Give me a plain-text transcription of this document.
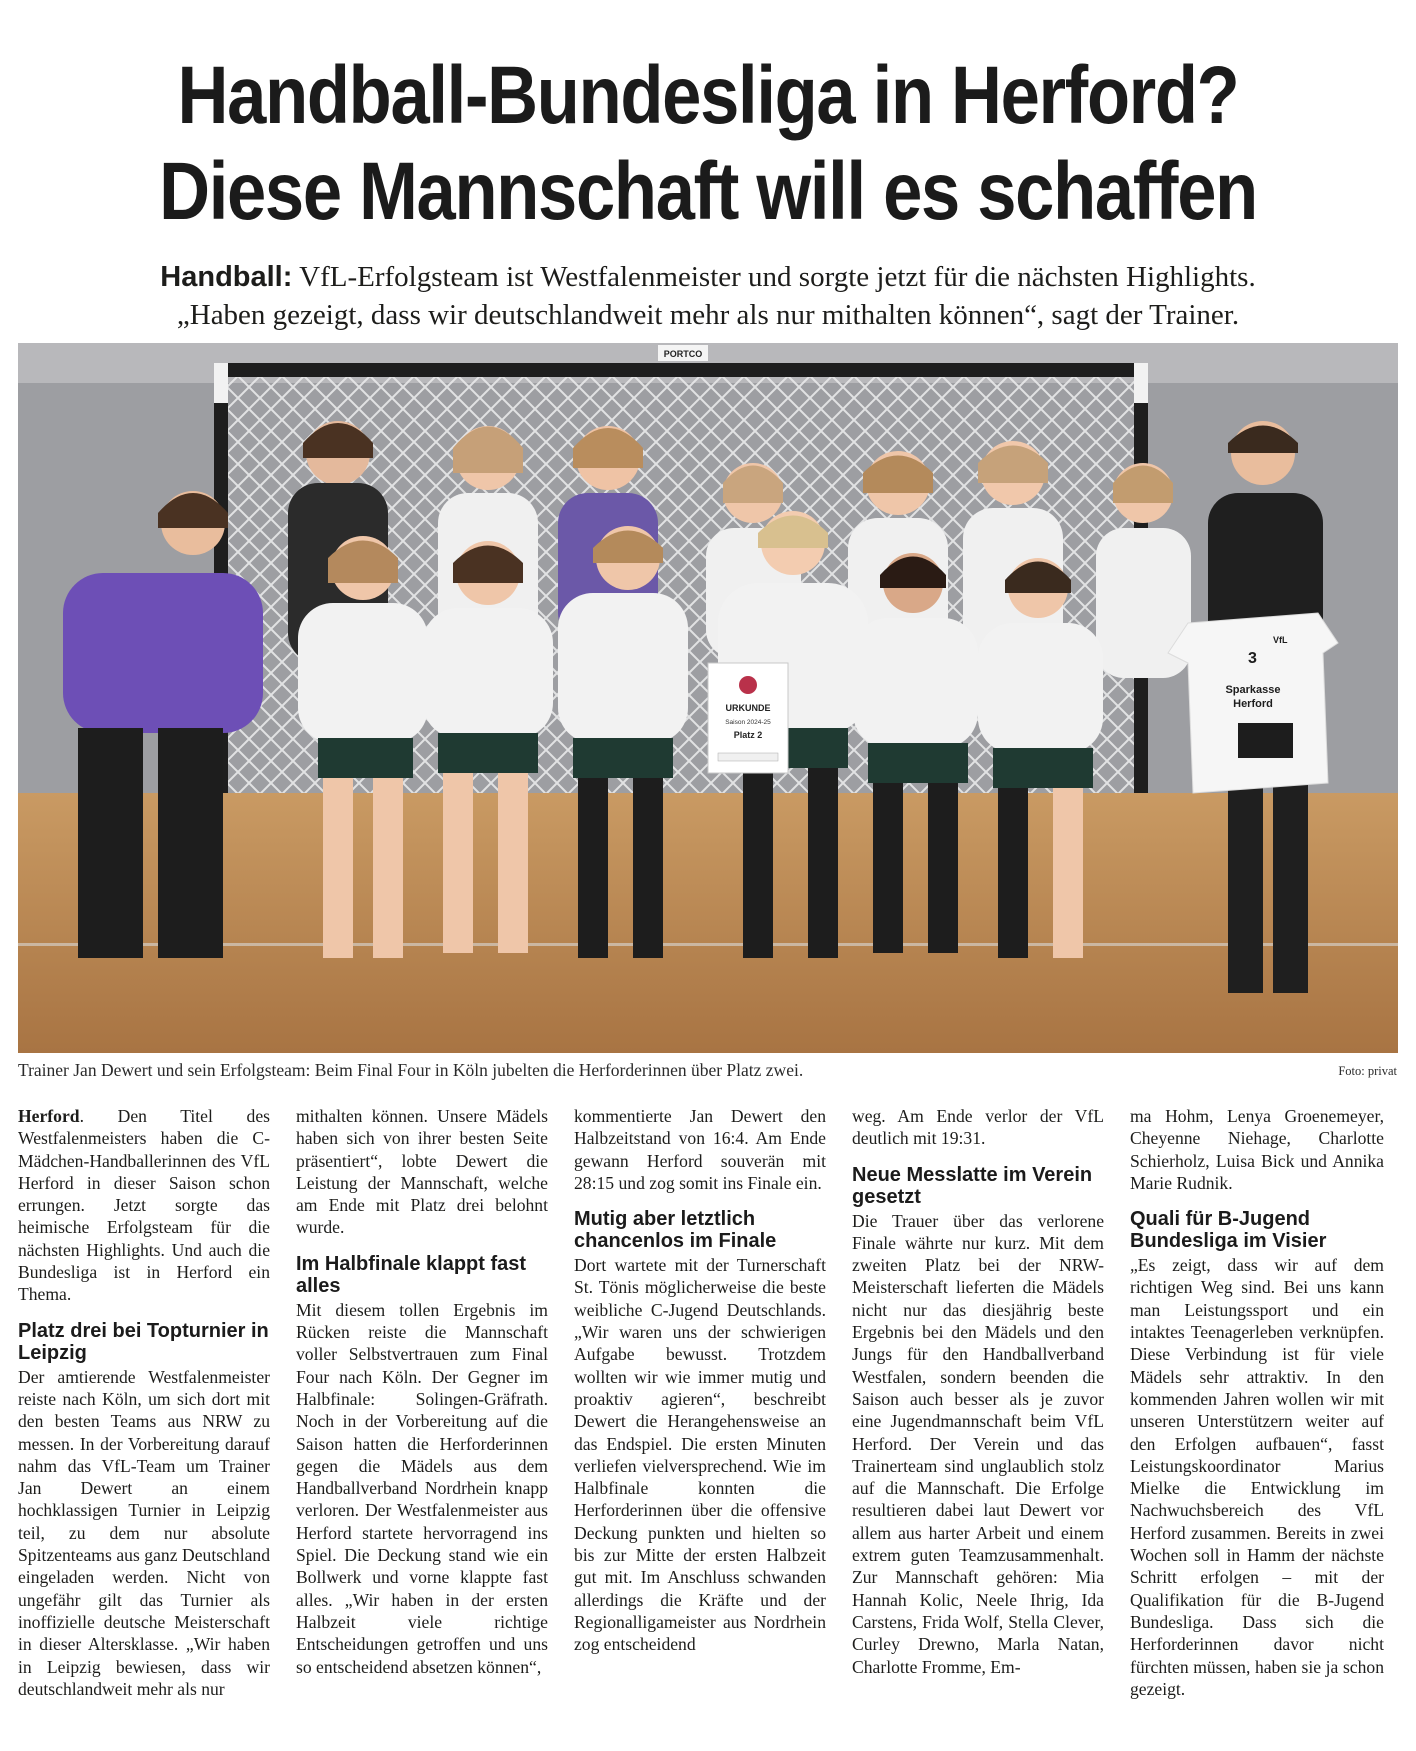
Handball-Bundesliga in Herford?
Diese Mannschaft will es schaffen
Handball: VfL-Erfolgsteam ist Westfalenmeister und sorgte jetzt für die nächsten Highlights.
„Haben gezeigt, dass wir deutschlandweit mehr als nur mithalten können“, sagt der Trainer.
PORTCO
URKUNDE
Saison 2024-25
Platz 2
3
VfL
Sparkasse
Herford
Trainer Jan Dewert und sein Erfolgsteam: Beim Final Four in Köln jubelten die Herforderinnen über Platz zwei.	Foto: privat

Herford. Den Titel des Westfalenmeisters haben die C-Mädchen-Handballerinnen des VfL Herford in dieser Saison schon errungen. Jetzt sorgte das heimische Erfolgsteam für die nächsten Highlights. Und auch die Bundesliga ist in Herford ein Thema.

Platz drei bei Topturnier in Leipzig

Der amtierende Westfalenmeister reiste nach Köln, um sich dort mit den besten Teams aus NRW zu messen. In der Vorbereitung darauf nahm das VfL-Team um Trainer Jan Dewert an einem hochklassigen Turnier in Leipzig teil, zu dem nur absolute Spitzenteams aus ganz Deutschland eingeladen werden. Nicht von ungefähr gilt das Turnier als inoffizielle deutsche Meisterschaft in dieser Altersklasse. „Wir haben in Leipzig bewiesen, dass wir deutschlandweit mehr als nur

mithalten können. Unsere Mädels haben sich von ihrer besten Seite präsentiert“, lobte Dewert die Leistung der Mannschaft, welche am Ende mit Platz drei belohnt wurde.

Im Halbfinale klappt fast alles

Mit diesem tollen Ergebnis im Rücken reiste die Mannschaft voller Selbstvertrauen zum Final Four nach Köln. Der Gegner im Halbfinale: Solingen-Gräfrath. Noch in der Vorbereitung auf die Saison hatten die Herforderinnen gegen die Mädels aus dem Handballverband Nordrhein knapp verloren. Der Westfalenmeister aus Herford startete hervorragend ins Spiel. Die Deckung stand wie ein Bollwerk und vorne klappte fast alles. „Wir haben in der ersten Halbzeit viele richtige Entscheidungen getroffen und uns so entscheidend absetzen können“,

kommentierte Jan Dewert den Halbzeitstand von 16:4. Am Ende gewann Herford souverän mit 28:15 und zog somit ins Finale ein.

Mutig aber letztlich chancenlos im Finale

Dort wartete mit der Turnerschaft St. Tönis möglicherweise die beste weibliche C-Jugend Deutschlands. „Wir waren uns der schwierigen Aufgabe bewusst. Trotzdem wollten wir wie immer mutig und proaktiv agieren“, beschreibt Dewert die Herangehensweise an das Endspiel. Die ersten Minuten verliefen vielversprechend. Wie im Halbfinale konnten die Herforderinnen über die offensive Deckung punkten und hielten so bis zur Mitte der ersten Halbzeit gut mit. Im Anschluss schwanden allerdings die Kräfte und der Regionalligameister aus Nordrhein zog entscheidend

weg. Am Ende verlor der VfL deutlich mit 19:31.

Neue Messlatte im Verein gesetzt

Die Trauer über das verlorene Finale währte nur kurz. Mit dem zweiten Platz bei der NRW-Meisterschaft lieferten die Mädels nicht nur das diesjährig beste Ergebnis bei den Mädels und den Jungs für den Handballverband Westfalen, sondern beenden die Saison auch besser als je zuvor eine Jugendmannschaft beim VfL Herford. Der Verein und das Trainerteam sind unglaublich stolz auf die Mannschaft. Die Erfolge resultieren dabei laut Dewert vor allem aus harter Arbeit und einem extrem guten Teamzusammenhalt. Zur Mannschaft gehören: Mia Hannah Kolic, Neele Ihrig, Ida Carstens, Frida Wolf, Stella Clever, Curley Drewno, Marla Natan, Charlotte Fromme, Em-

ma Hohm, Lenya Groenemeyer, Cheyenne Niehage, Charlotte Schierholz, Luisa Bick und Annika Marie Rudnik.

Quali für B-Jugend Bundesliga im Visier

„Es zeigt, dass wir auf dem richtigen Weg sind. Bei uns kann man Leistungssport und ein intaktes Teenagerleben verknüpfen. Diese Verbindung ist für viele Mädels sehr attraktiv. In den kommenden Jahren wollen wir mit unseren Unterstützern weiter auf den Erfolgen aufbauen“, fasst Leistungskoordinator Marius Mielke die Entwicklung im Nachwuchsbereich des VfL Herford zusammen. Bereits in zwei Wochen soll in Hamm der nächste Schritt erfolgen – mit der Qualifikation für die B-Jugend Bundesliga. Dass sich die Herforderinnen davor nicht fürchten müssen, haben sie ja schon gezeigt.
